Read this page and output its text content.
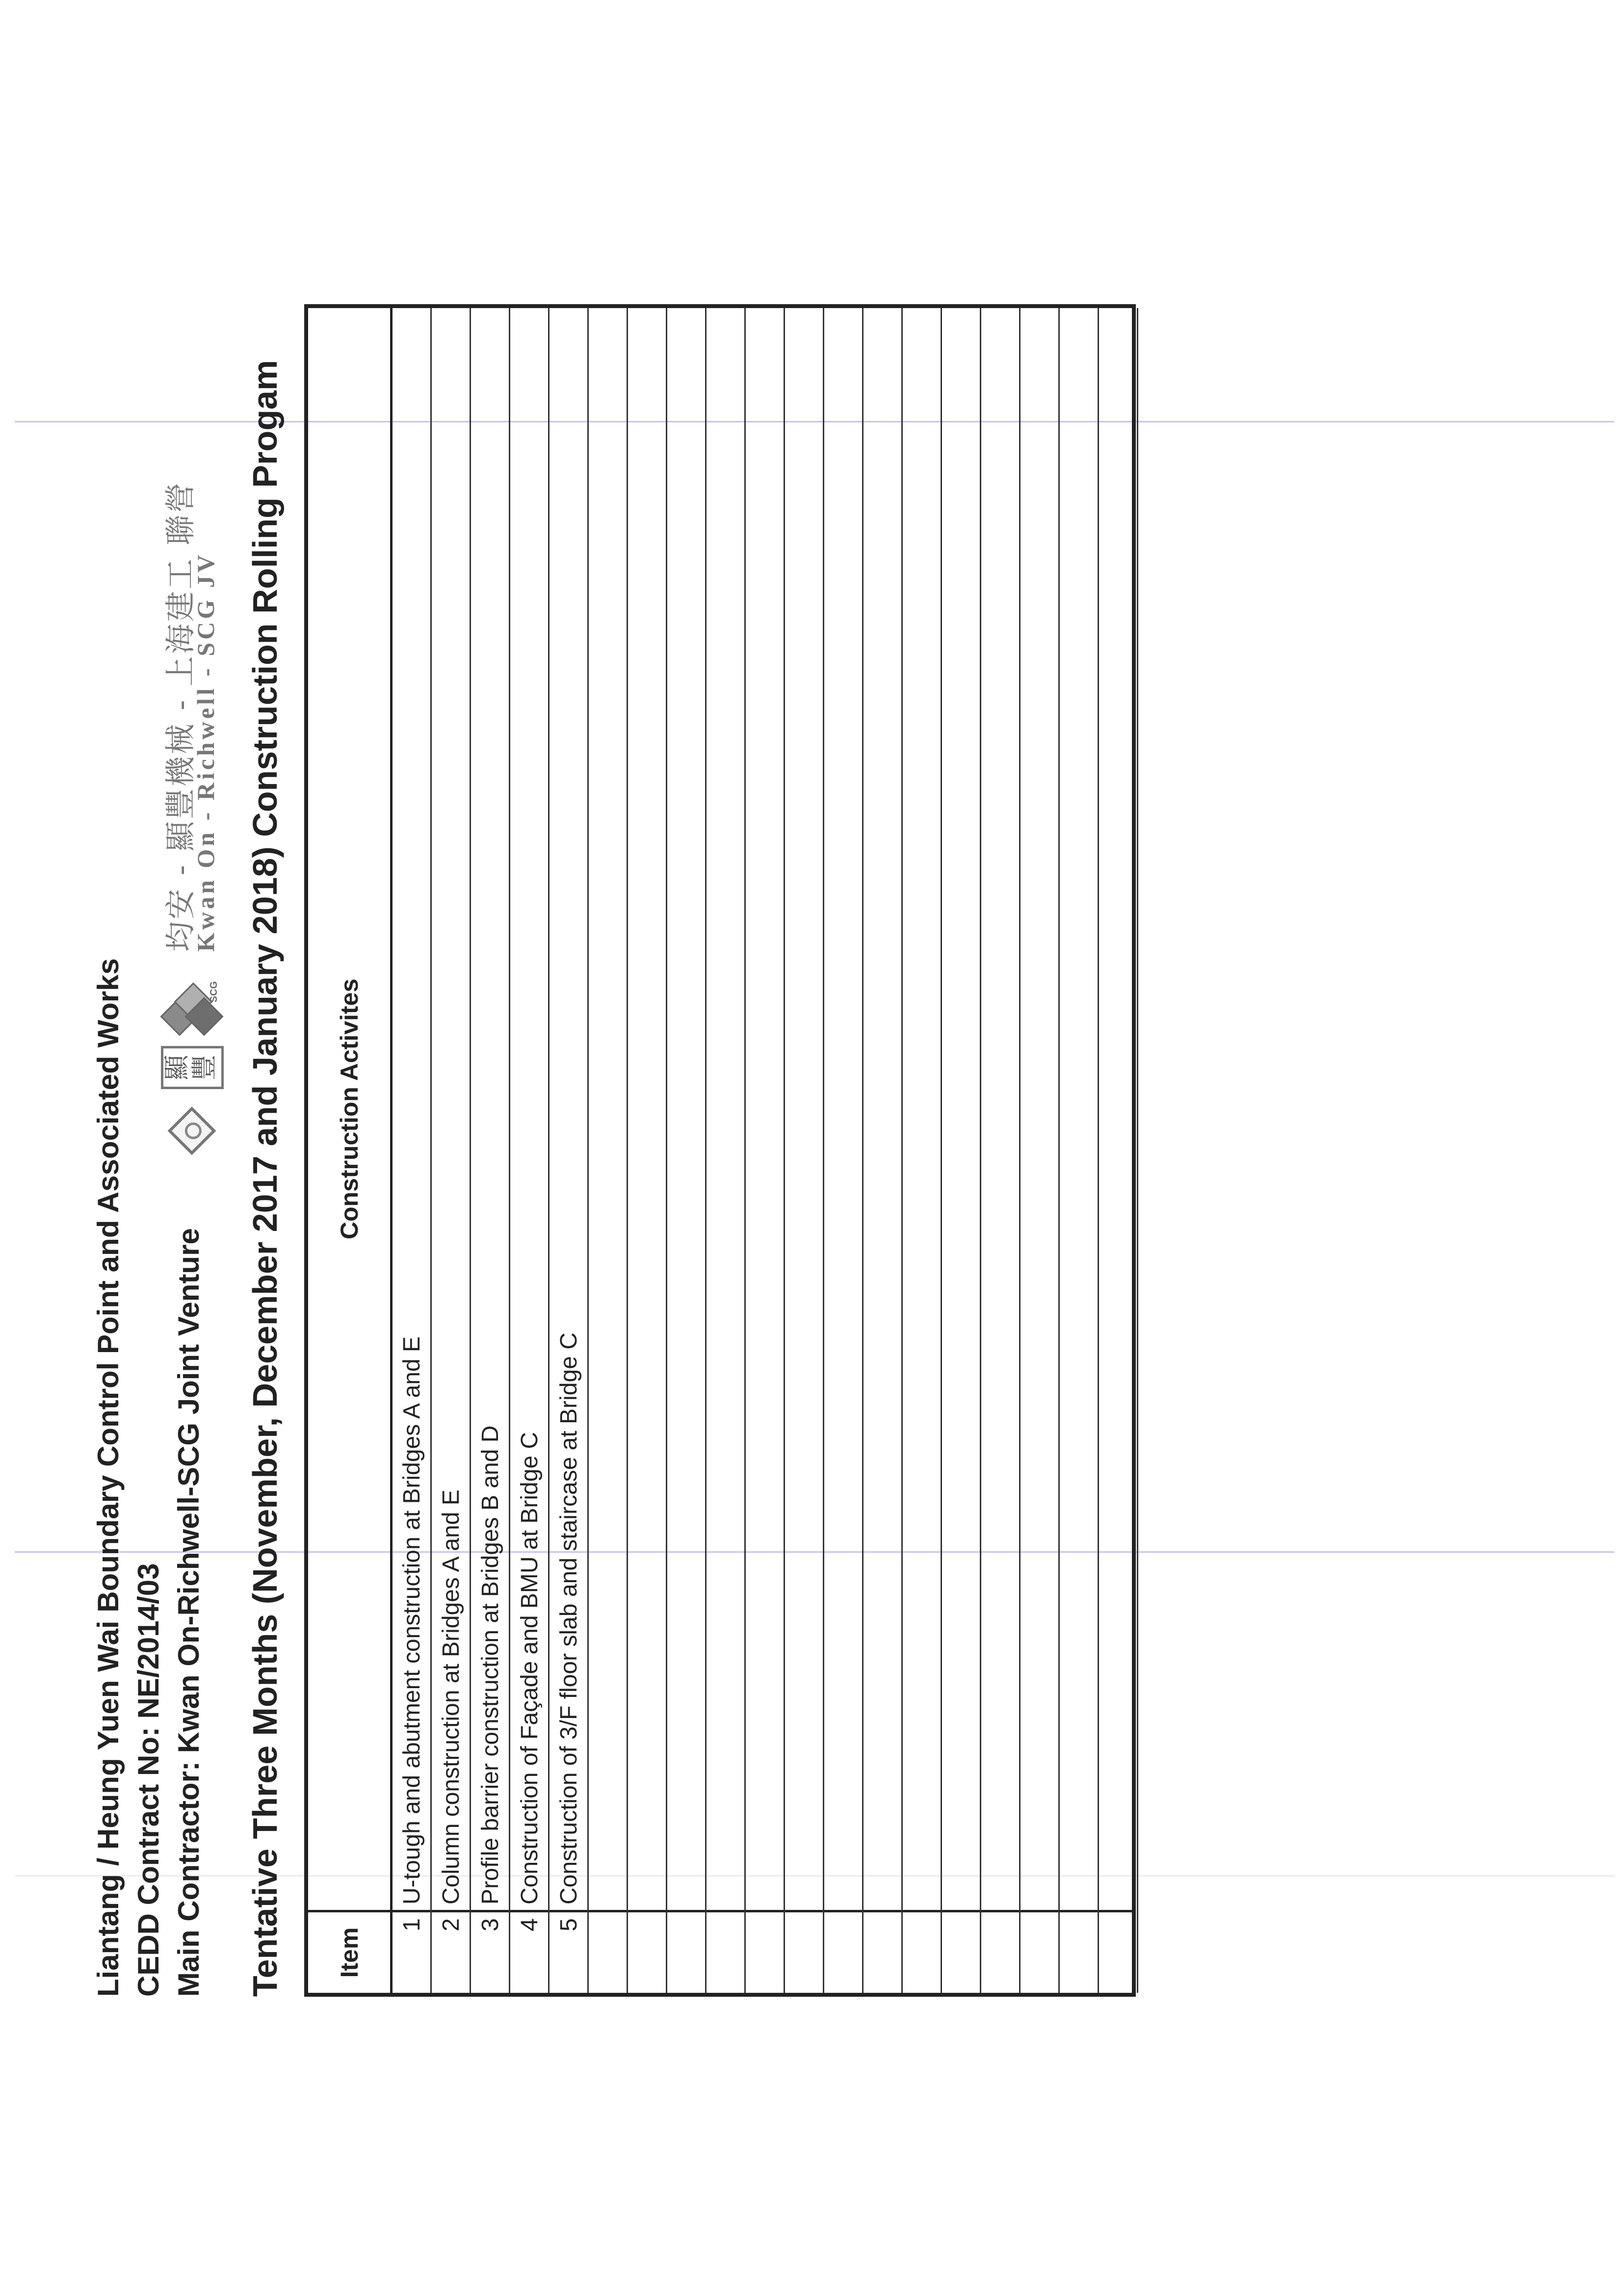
Liantang / Heung Yuen Wai Boundary Control Point and Associated Works CEDD Contract No: NE/2014/03 Main Contractor: Kwan On-Richwell-SCG Joint Venture
顯豐
SCG
均安 - 顯豐機械 - 上海建工 聯營
Kwan On - Richwell - SCG JV Tentative Three Months (November, December 2017 and January 2018) Construction Rolling Progam	Item
Construction Activites
1
U-tough and abutment construction at Bridges A and E
2
Column construction at Bridges A and E
3
Profile barrier construction at Bridges B and D
4
Construction of Façade and BMU at Bridge C
5
Construction of 3/F floor slab and staircase at Bridge C
